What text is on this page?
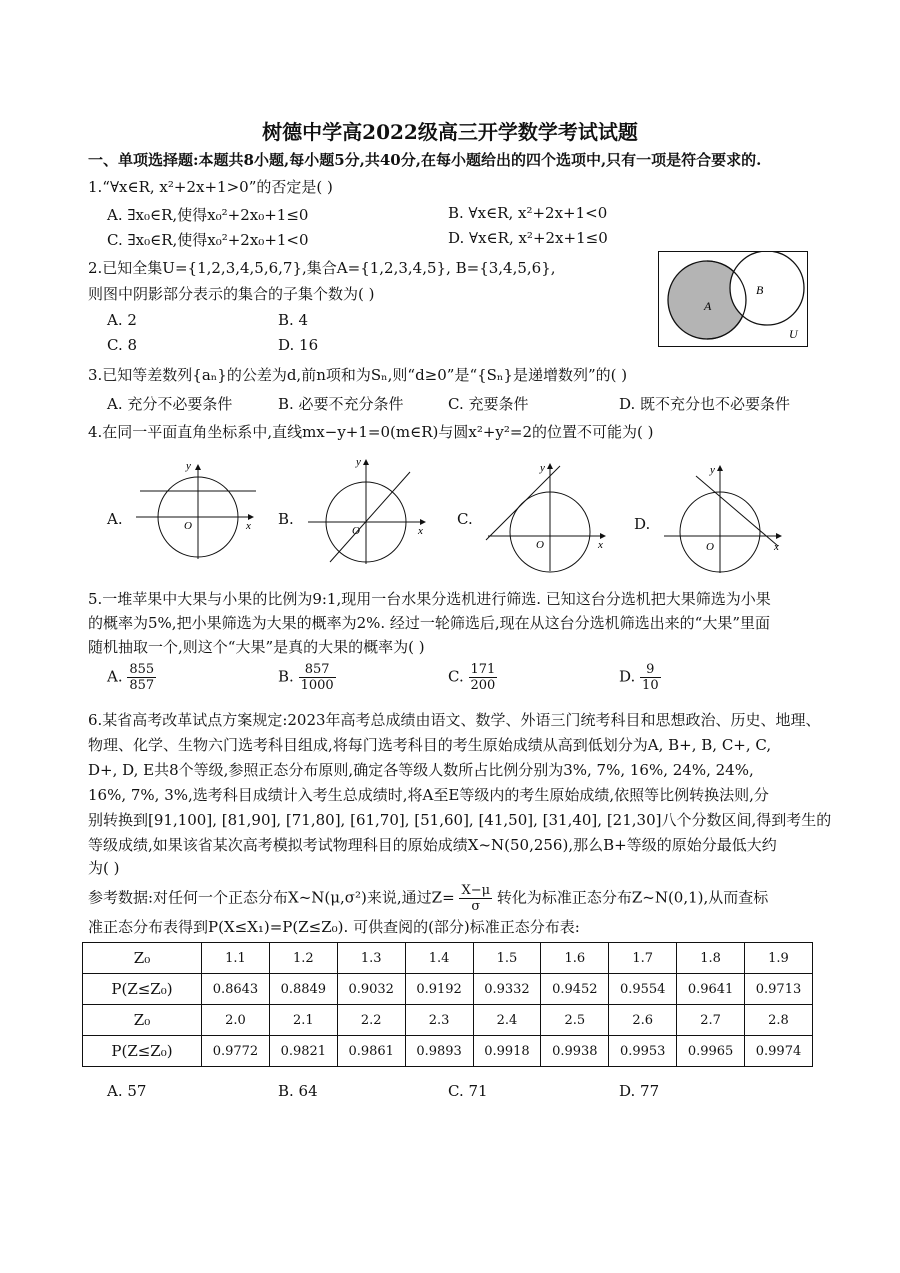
树德中学高2022级高三开学数学考试试题
一、单项选择题:本题共8小题,每小题5分,共40分,在每小题给出的四个选项中,只有一项是符合要求的.
1.“∀x∈R, x²+2x+1>0”的否定是( )
A. ∃x₀∈R,使得x₀²+2x₀+1≤0	B. ∀x∈R, x²+2x+1<0
C. ∃x₀∈R,使得x₀²+2x₀+1<0	D. ∀x∈R, x²+2x+1≤0
2.已知全集U={1,2,3,4,5,6,7},集合A={1,2,3,4,5}, B={3,4,5,6},
则图中阴影部分表示的集合的子集个数为( )
A. 2	B. 4
C. 8	D. 16
A
B
U
3.已知等差数列{aₙ}的公差为d,前n项和为Sₙ,则“d≥0”是“{Sₙ}是递增数列”的( )
A. 充分不必要条件	B. 必要不充分条件	C. 充要条件	D. 既不充分也不必要条件
4.在同一平面直角坐标系中,直线mx−y+1=0(m∈R)与圆x²+y²=2的位置不可能为( )
A.	x
y
O	B.
x
y
O
C.
x
y
O
D.
x
y
O
5.一堆苹果中大果与小果的比例为9:1,现用一台水果分选机进行筛选. 已知这台分选机把大果筛选为小果
的概率为5%,把小果筛选为大果的概率为2%. 经过一轮筛选后,现在从这台分选机筛选出来的“大果”里面
随机抽取一个,则这个“大果”是真的大果的概率为( )
A. $\frac{855}{857}$	B. $\frac{857}{1000}$	C. $\frac{171}{200}$	D. $\frac{9}{10}$
6.某省高考改革试点方案规定:2023年高考总成绩由语文、数学、外语三门统考科目和思想政治、历史、地理、
物理、化学、生物六门选考科目组成,将每门选考科目的考生原始成绩从高到低划分为A, B+, B, C+, C,
D+, D, E共8个等级,参照正态分布原则,确定各等级人数所占比例分别为3%, 7%, 16%, 24%, 24%,
16%, 7%, 3%,选考科目成绩计入考生总成绩时,将A至E等级内的考生原始成绩,依照等比例转换法则,分
别转换到[91,100], [81,90], [71,80], [61,70], [51,60], [41,50], [31,40], [21,30]八个分数区间,得到考生的
等级成绩,如果该省某次高考模拟考试物理科目的原始成绩X~N(50,256),那么B+等级的原始分最低大约
为( )
参考数据:对任何一个正态分布X~N(μ,σ²)来说,通过$Z= \frac{X-\mu}{\sigma}$ 转化为标准正态分布Z~N(0,1),从而查标
准正态分布表得到P(X≤X₁)=P(Z≤Z₀). 可供查阅的(部分)标准正态分布表:
Z₀	1.1	1.2	1.3	1.4	1.5	1.6	1.7	1.8	1.9
P(Z≤Z₀)	0.8643	0.8849	0.9032	0.9192	0.9332	0.9452	0.9554	0.9641	0.9713
Z₀	2.0	2.1	2.2	2.3	2.4	2.5	2.6	2.7	2.8
P(Z≤Z₀)	0.9772	0.9821	0.9861	0.9893	0.9918	0.9938	0.9953	0.9965	0.9974
A. 57	B. 64	C. 71	D. 77
